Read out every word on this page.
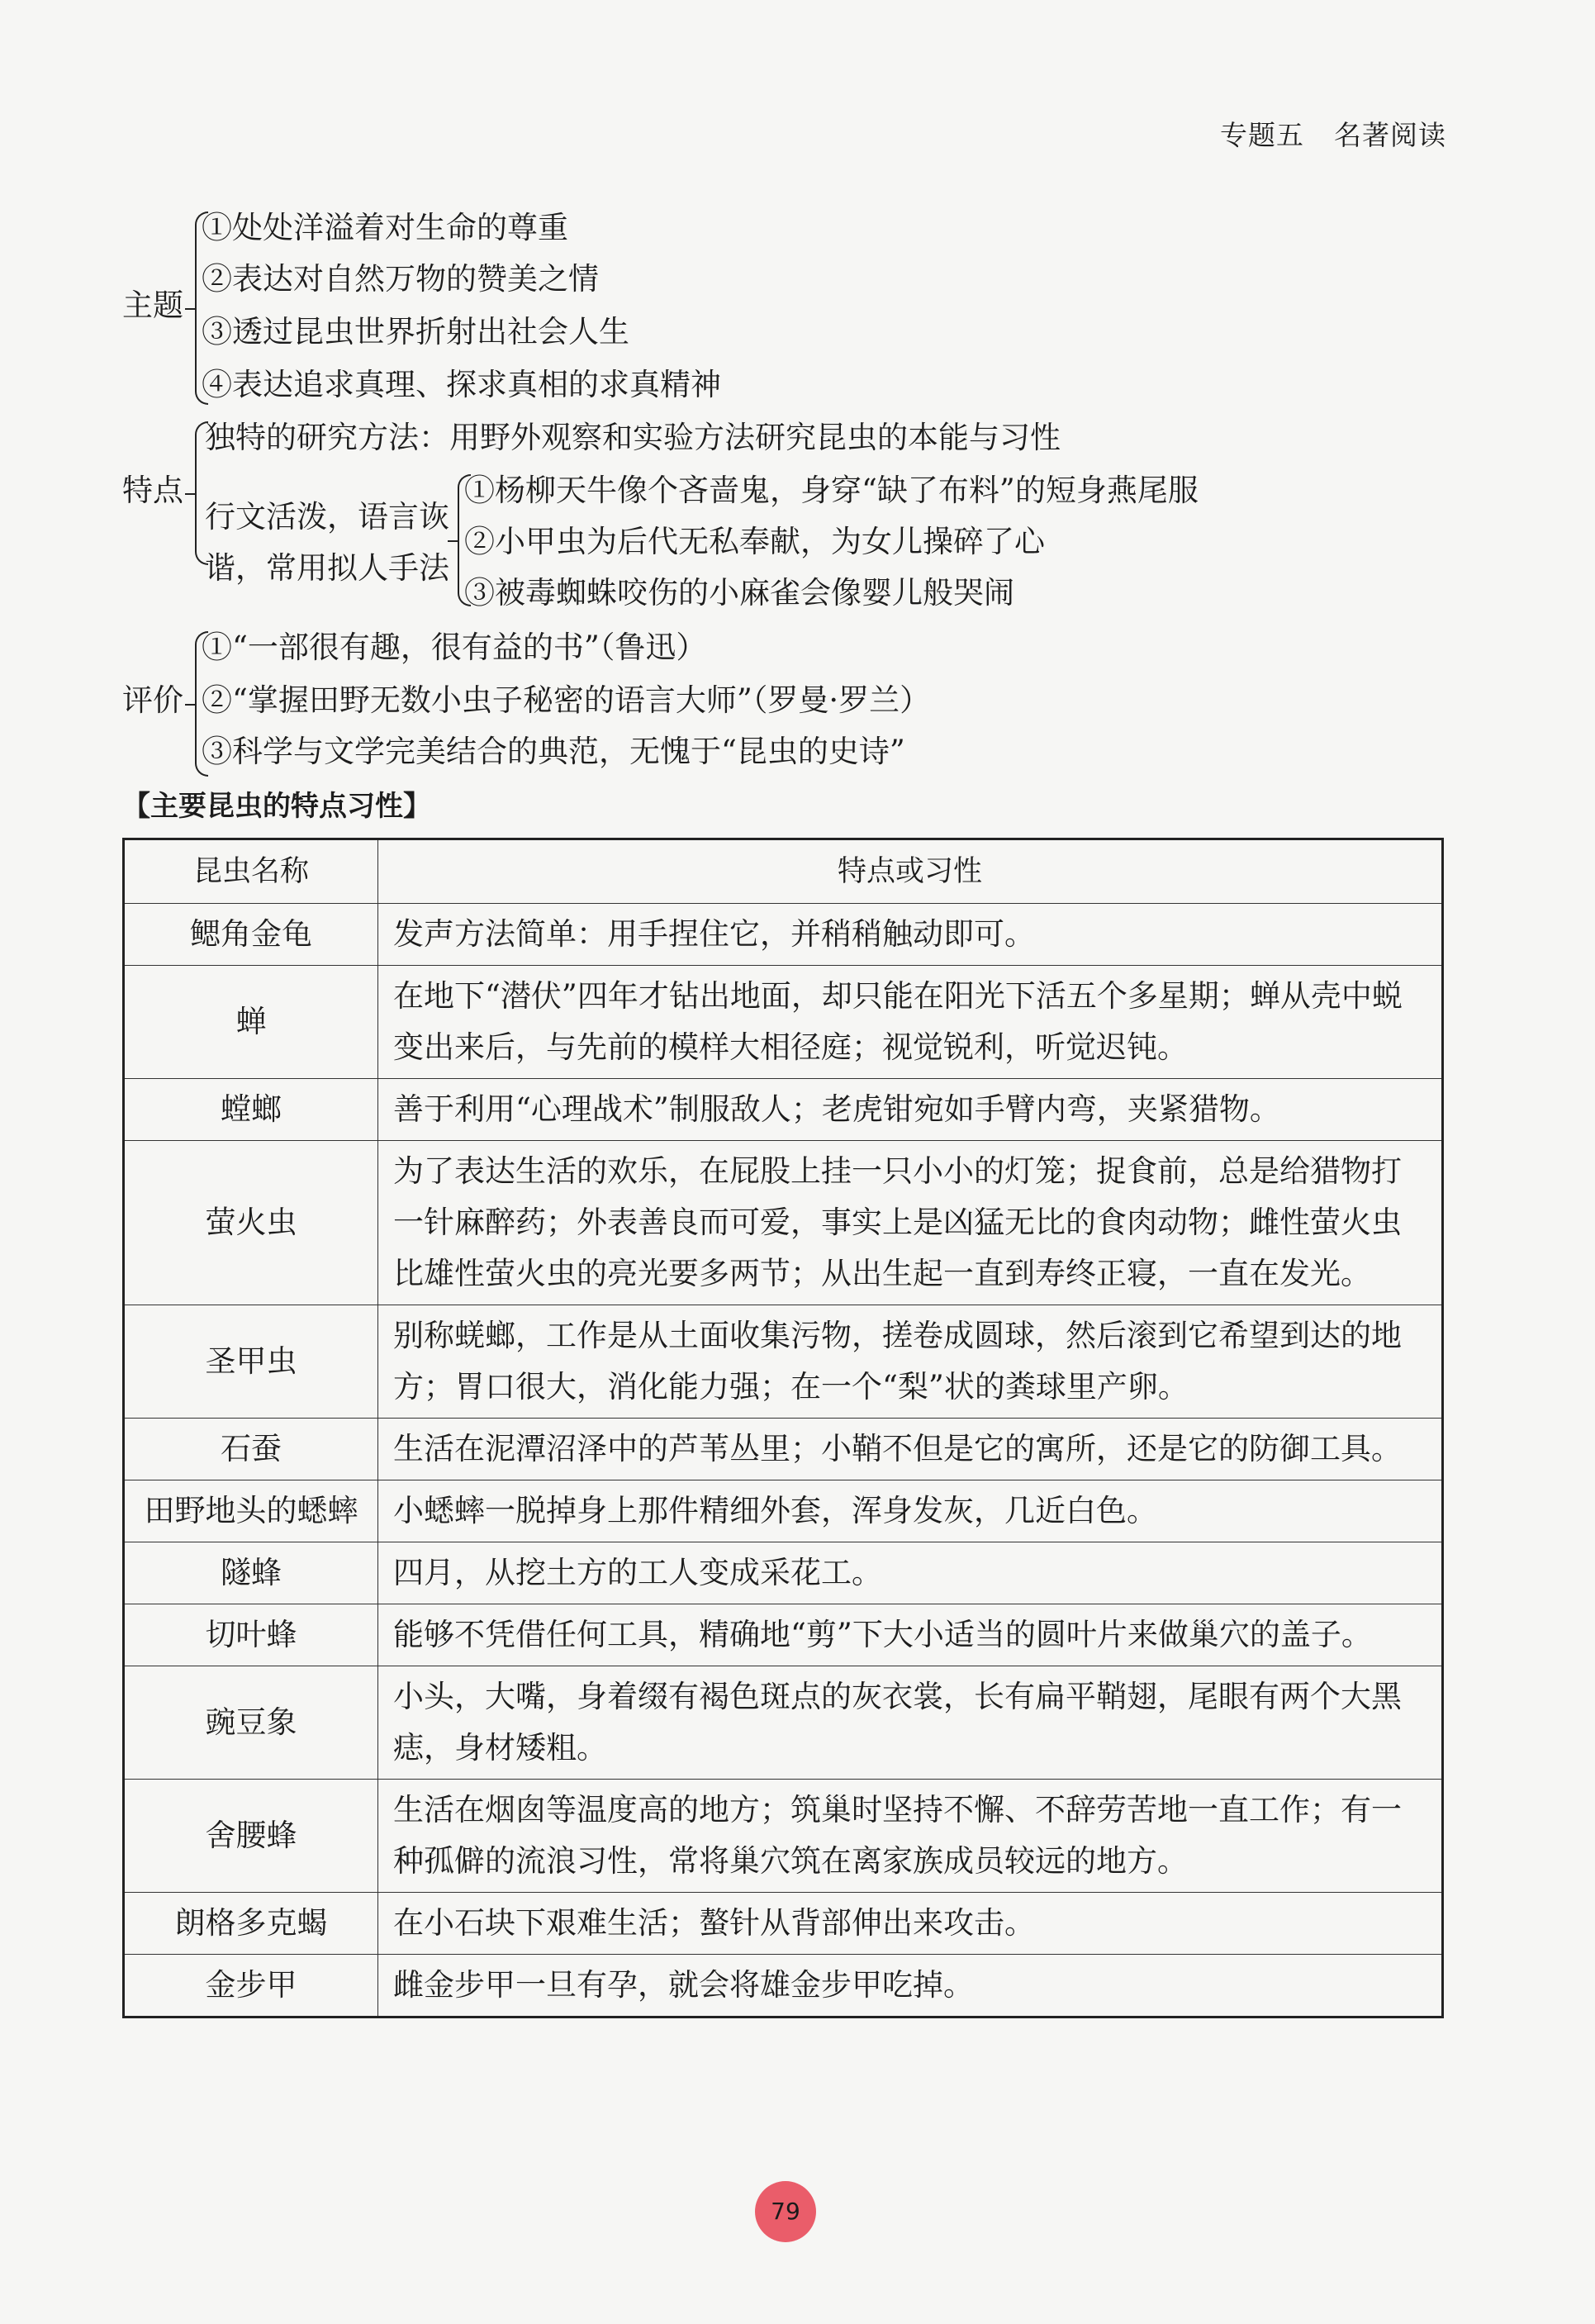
专题五 名著阅读
主题
①处处洋溢着对生命的尊重
②表达对自然万物的赞美之情
③透过昆虫世界折射出社会人生
④表达追求真理、探求真相的求真精神
特点
独特的研究方法：用野外观察和实验方法研究昆虫的本能与习性
行文活泼，语言诙
谐，常用拟人手法
①杨柳天牛像个吝啬鬼，身穿“缺了布料”的短身燕尾服
②小甲虫为后代无私奉献，为女儿操碎了心
③被毒蜘蛛咬伤的小麻雀会像婴儿般哭闹
评价
①“一部很有趣，很有益的书”（鲁迅）
②“掌握田野无数小虫子秘密的语言大师”（罗曼·罗兰）
③科学与文学完美结合的典范，无愧于“昆虫的史诗”
【主要昆虫的特点习性】
昆虫名称	特点或习性
鳃角金龟	发声方法简单：用手捏住它，并稍稍触动即可。
蝉	在地下“潜伏”四年才钻出地面，却只能在阳光下活五个多星期；蝉从壳中蜕变出来后，与先前的模样大相径庭；视觉锐利，听觉迟钝。
螳螂	善于利用“心理战术”制服敌人；老虎钳宛如手臂内弯，夹紧猎物。
萤火虫	为了表达生活的欢乐，在屁股上挂一只小小的灯笼；捉食前，总是给猎物打一针麻醉药；外表善良而可爱，事实上是凶猛无比的食肉动物；雌性萤火虫比雄性萤火虫的亮光要多两节；从出生起一直到寿终正寝，一直在发光。
圣甲虫	别称蜣螂，工作是从土面收集污物，搓卷成圆球，然后滚到它希望到达的地方；胃口很大，消化能力强；在一个“梨”状的粪球里产卵。
石蚕	生活在泥潭沼泽中的芦苇丛里；小鞘不但是它的寓所，还是它的防御工具。
田野地头的蟋蟀	小蟋蟀一脱掉身上那件精细外套，浑身发灰，几近白色。
隧蜂	四月，从挖土方的工人变成采花工。
切叶蜂	能够不凭借任何工具，精确地“剪”下大小适当的圆叶片来做巢穴的盖子。
豌豆象	小头，大嘴，身着缀有褐色斑点的灰衣裳，长有扁平鞘翅，尾眼有两个大黑痣，身材矮粗。
舍腰蜂	生活在烟囱等温度高的地方；筑巢时坚持不懈、不辞劳苦地一直工作；有一种孤僻的流浪习性，常将巢穴筑在离家族成员较远的地方。
朗格多克蝎	在小石块下艰难生活；螯针从背部伸出来攻击。
金步甲	雌金步甲一旦有孕，就会将雄金步甲吃掉。
79
